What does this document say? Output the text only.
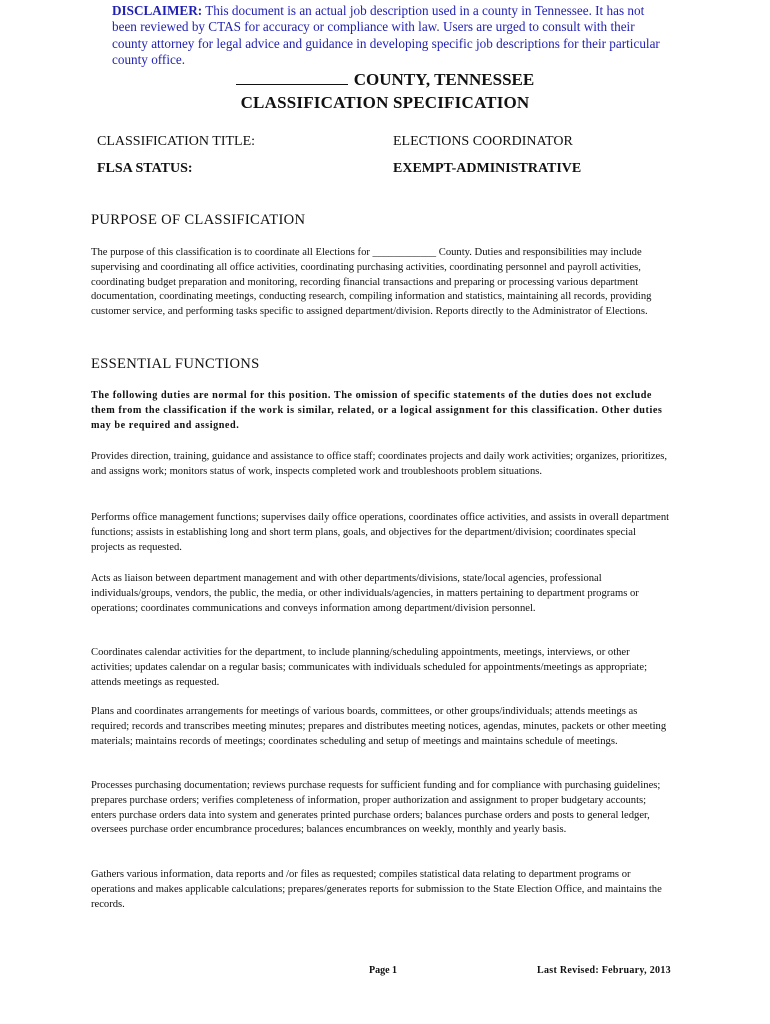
DISCLAIMER: This document is an actual job description used in a county in Tennessee. It has not been reviewed by CTAS for accuracy or compliance with law. Users are urged to consult with their county attorney for legal advice and guidance in developing specific job descriptions for their particular county office.
COUNTY, TENNESSEE
CLASSIFICATION SPECIFICATION
CLASSIFICATION TITLE:	ELECTIONS COORDINATOR
FLSA STATUS:	EXEMPT-ADMINISTRATIVE
PURPOSE OF CLASSIFICATION

The purpose of this classification is to coordinate all Elections for ____________ County. Duties and responsibilities may include supervising and coordinating all office activities, coordinating purchasing activities, coordinating personnel and payroll activities, coordinating budget preparation and monitoring, recording financial transactions and preparing or processing various department documentation, coordinating meetings, conducting research, compiling information and statistics, maintaining all records, providing customer service, and performing tasks specific to assigned department/division. Reports directly to the Administrator of Elections.

ESSENTIAL FUNCTIONS

The following duties are normal for this position. The omission of specific statements of the duties does not exclude them from the classification if the work is similar, related, or a logical assignment for this classification. Other duties may be required and assigned.

Provides direction, training, guidance and assistance to office staff; coordinates projects and daily work activities; organizes, prioritizes, and assigns work; monitors status of work, inspects completed work and troubleshoots problem situations.

Performs office management functions; supervises daily office operations, coordinates office activities, and assists in overall department functions; assists in establishing long and short term plans, goals, and objectives for the department/division; coordinates special projects as requested.

Acts as liaison between department management and with other departments/divisions, state/local agencies, professional individuals/groups, vendors, the public, the media, or other individuals/agencies, in matters pertaining to department programs or operations; coordinates communications and conveys information among department/division personnel.

Coordinates calendar activities for the department, to include planning/scheduling appointments, meetings, interviews, or other activities; updates calendar on a regular basis; communicates with individuals scheduled for appointments/meetings as appropriate; attends meetings as requested.

Plans and coordinates arrangements for meetings of various boards, committees, or other groups/individuals; attends meetings as required; records and transcribes meeting minutes; prepares and distributes meeting notices, agendas, minutes, packets or other meeting materials; maintains records of meetings; coordinates scheduling and setup of meetings and maintains schedule of meetings.

Processes purchasing documentation; reviews purchase requests for sufficient funding and for compliance with purchasing guidelines; prepares purchase orders; verifies completeness of information, proper authorization and assignment to proper budgetary accounts; enters purchase orders data into system and generates printed purchase orders; balances purchase orders and posts to general ledger, oversees purchase order encumbrance procedures; balances encumbrances on weekly, monthly and yearly basis.

Gathers various information, data reports and /or files as requested; compiles statistical data relating to department programs or operations and makes applicable calculations; prepares/generates reports for submission to the State Election Office, and maintains the records.

Page 1	Last Revised: February, 2013
